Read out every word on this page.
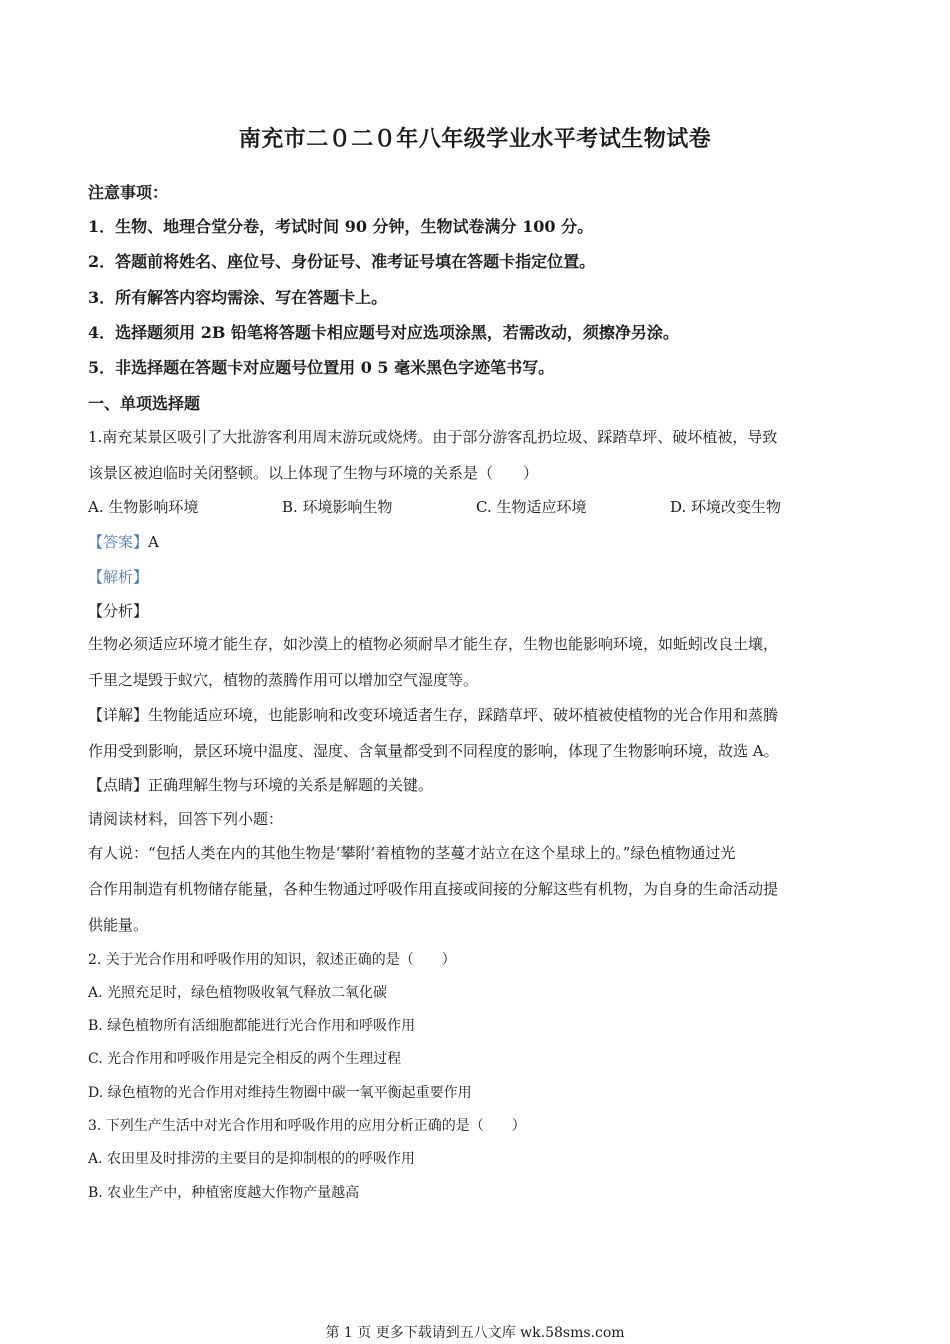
南充市二０二０年八年级学业水平考试生物试卷
注意事项：
1．生物、地理合堂分卷，考试时间 90 分钟，生物试卷满分 100 分。
2．答题前将姓名、座位号、身份证号、准考证号填在答题卡指定位置。
3．所有解答内容均需涂、写在答题卡上。
4．选择题须用 2B 铅笔将答题卡相应题号对应选项涂黑，若需改动，须擦净另涂。
5．非选择题在答题卡对应题号位置用 0 5 毫米黑色字迹笔书写。
一、单项选择题
1.南充某景区吸引了大批游客利用周末游玩或烧烤。由于部分游客乱扔垃圾、踩踏草坪、破坏植被，导致
该景区被迫临时关闭整顿。以上体现了生物与环境的关系是（　　）
A. 生物影响环境	B. 环境影响生物	C. 生物适应环境	D. 环境改变生物
【答案】A
【解析】
【分析】
生物必须适应环境才能生存，如沙漠上的植物必须耐旱才能生存，生物也能影响环境，如蚯蚓改良土壤，
千里之堤毁于蚁穴，植物的蒸腾作用可以增加空气湿度等。
【详解】生物能适应环境，也能影响和改变环境适者生存，踩踏草坪、破坏植被使植物的光合作用和蒸腾
作用受到影响，景区环境中温度、湿度、含氧量都受到不同程度的影响，体现了生物影响环境，故选 A。
【点睛】正确理解生物与环境的关系是解题的关键。
请阅读材料，回答下列小题：
有人说：“包括人类在内的其他生物是‘攀附’着植物的茎蔓才站立在这个星球上的。”绿色植物通过光
合作用制造有机物储存能量，各种生物通过呼吸作用直接或间接的分解这些有机物，为自身的生命活动提
供能量。
2. 关于光合作用和呼吸作用的知识，叙述正确的是（　　）
A. 光照充足时，绿色植物吸收氧气释放二氧化碳
B. 绿色植物所有活细胞都能进行光合作用和呼吸作用
C. 光合作用和呼吸作用是完全相反的两个生理过程
D. 绿色植物的光合作用对维持生物圈中碳一氧平衡起重要作用
3. 下列生产生活中对光合作用和呼吸作用的应用分析正确的是（　　）
A. 农田里及时排涝的主要目的是抑制根的的呼吸作用
B. 农业生产中，种植密度越大作物产量越高
第 1 页 更多下载请到五八文库 wk.58sms.com
